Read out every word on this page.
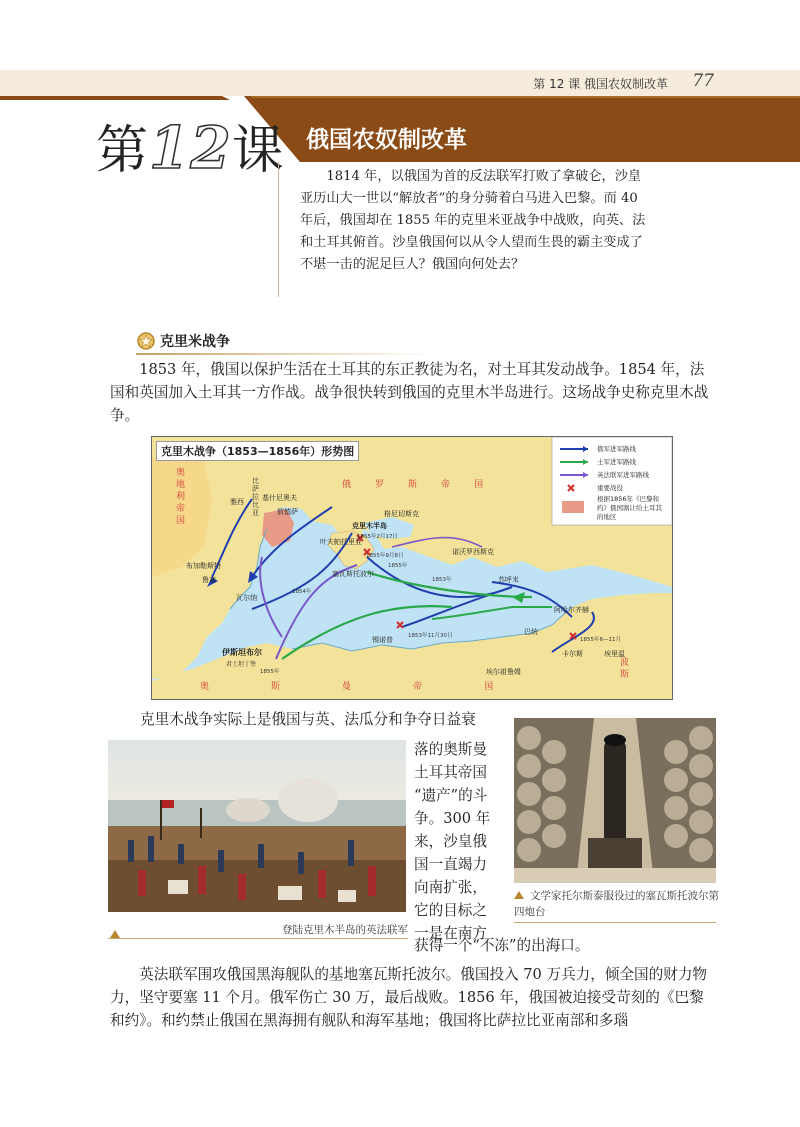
第 12 课 俄国农奴制改革 77
第12课 俄国农奴制改革
1814 年，以俄国为首的反法联军打败了拿破仑，沙皇亚历山大一世以“解放者”的身分骑着白马进入巴黎。而 40 年后，俄国却在 1855 年的克里米亚战争中战败，向英、法和土耳其俯首。沙皇俄国何以从令人望而生畏的霸主变成了不堪一击的泥足巨人？俄国向何处去？
克里米战争
1853 年，俄国以保护生活在土耳其的东正教徒为名，对土耳其发动战争。1854 年，法国和英国加入土耳其一方作战。战争很快转到俄国的克里木半岛进行。这场战争史称克里木战争。
俄军进军路线
土军进军路线
英法联军进军路线
重要战役
根据1856年《巴黎和约》俄国割让给土耳其的地区
奥
地
利
帝
国
俄罗斯帝国
奥斯曼帝国
波
斯
比萨拉比亚
雅西	基什尼奥夫
敖德萨	格尼切斯克
克里木半岛
叶夫帕托里亚
塞瓦斯托波尔
诺沃罗西斯克
布加勒斯特
鲁塞
瓦尔纳
伊斯坦布尔
君士坦丁堡
苏呼米
阿哈尔齐赫
巴统
卡尔斯	埃里温
埃尔祖鲁姆
锡诺普
1855年2月17日
1855年9月8日
1853年11月30日
1855年6—11月
1853年
1855年
1854年
1855年
克里木战争（1853—1856年）形势图
克里木战争实际上是俄国与英、法瓜分和争夺日益衰
落的奥斯曼
土耳其帝国
“遗产”的斗
争。300 年
来，沙皇俄
国一直竭力
向南扩张，
它的目标之
一是在南方
获得一个“不冻”的出海口。
登陆克里木半岛的英法联军
文学家托尔斯泰服役过的塞瓦斯托波尔第四炮台
英法联军围攻俄国黑海舰队的基地塞瓦斯托波尔。俄国投入 70 万兵力，倾全国的财力物力，坚守要塞 11 个月。俄军伤亡 30 万，最后战败。1856 年，俄国被迫接受苛刻的《巴黎和约》。和约禁止俄国在黑海拥有舰队和海军基地；俄国将比萨拉比亚南部和多瑙
